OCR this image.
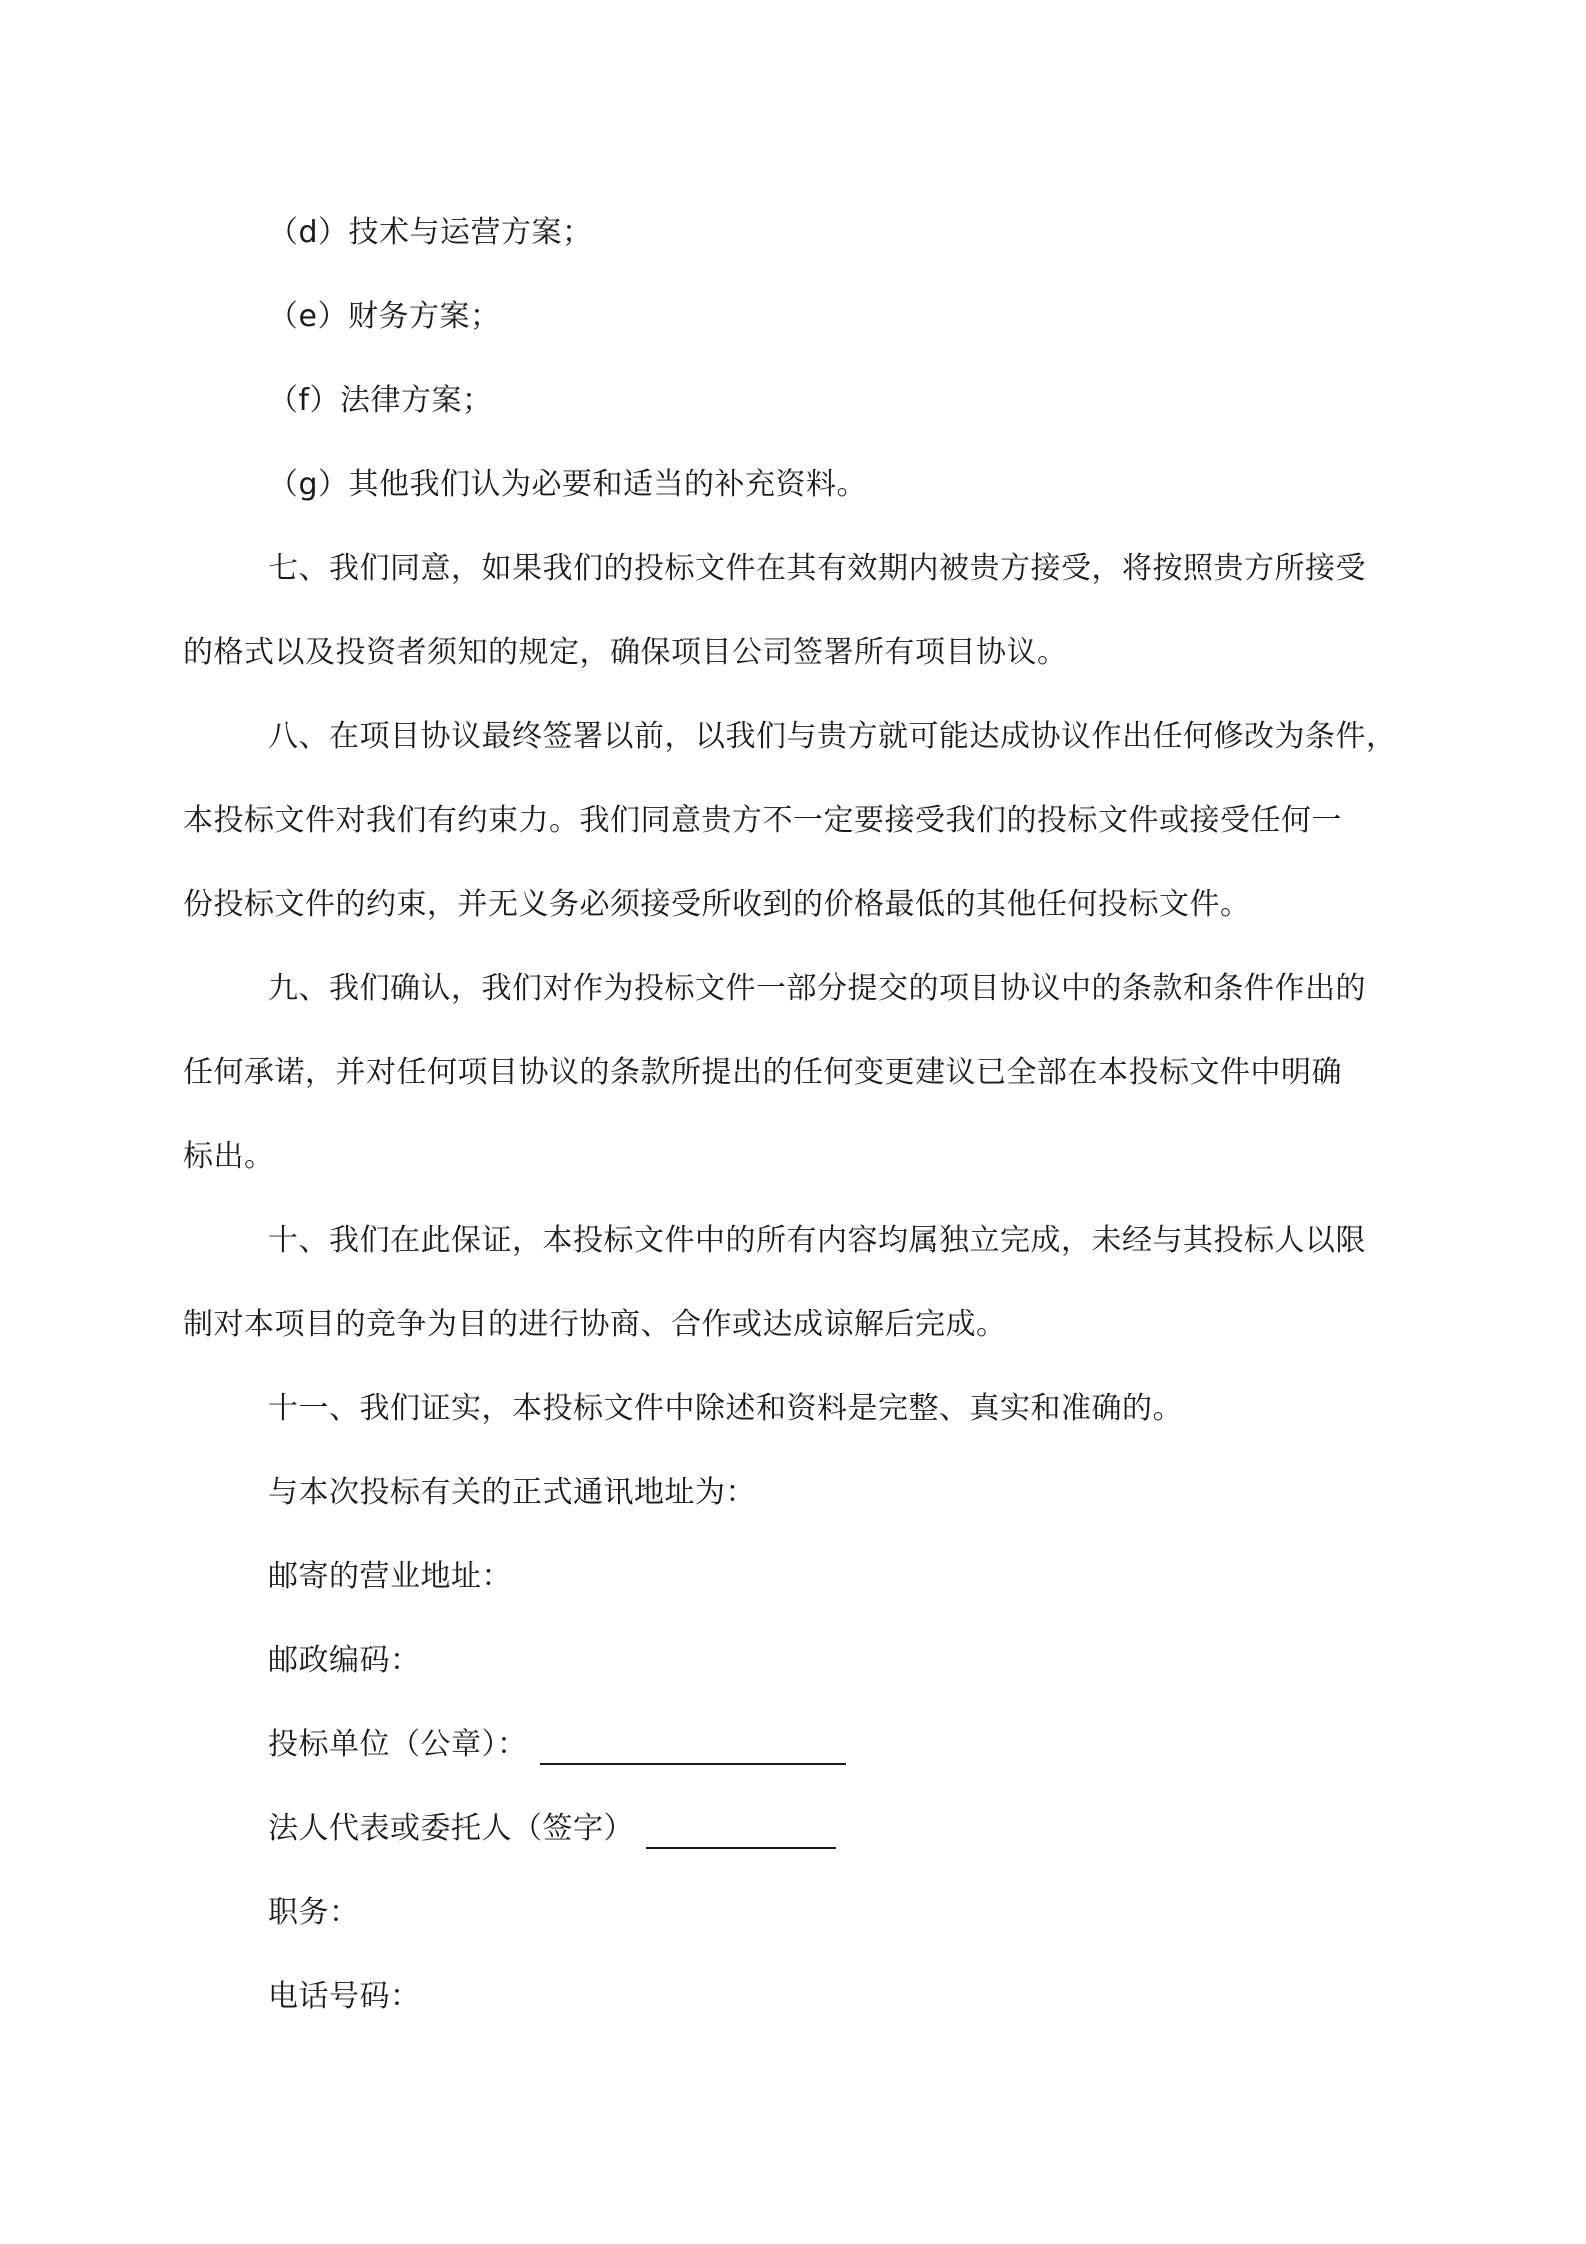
（d）技术与运营方案；
（e）财务方案；
（f）法律方案；
（g）其他我们认为必要和适当的补充资料。
七、我们同意，如果我们的投标文件在其有效期内被贵方接受，将按照贵方所接受
的格式以及投资者须知的规定，确保项目公司签署所有项目协议。
八、在项目协议最终签署以前，以我们与贵方就可能达成协议作出任何修改为条件，
本投标文件对我们有约束力。我们同意贵方不一定要接受我们的投标文件或接受任何一
份投标文件的约束，并无义务必须接受所收到的价格最低的其他任何投标文件。
九、我们确认，我们对作为投标文件一部分提交的项目协议中的条款和条件作出的
任何承诺，并对任何项目协议的条款所提出的任何变更建议已全部在本投标文件中明确
标出。
十、我们在此保证，本投标文件中的所有内容均属独立完成，未经与其投标人以限
制对本项目的竞争为目的进行协商、合作或达成谅解后完成。
十一、我们证实，本投标文件中除述和资料是完整、真实和准确的。
与本次投标有关的正式通讯地址为：
邮寄的营业地址：
邮政编码：
投标单位（公章）：
法人代表或委托人（签字）
职务：
电话号码：
